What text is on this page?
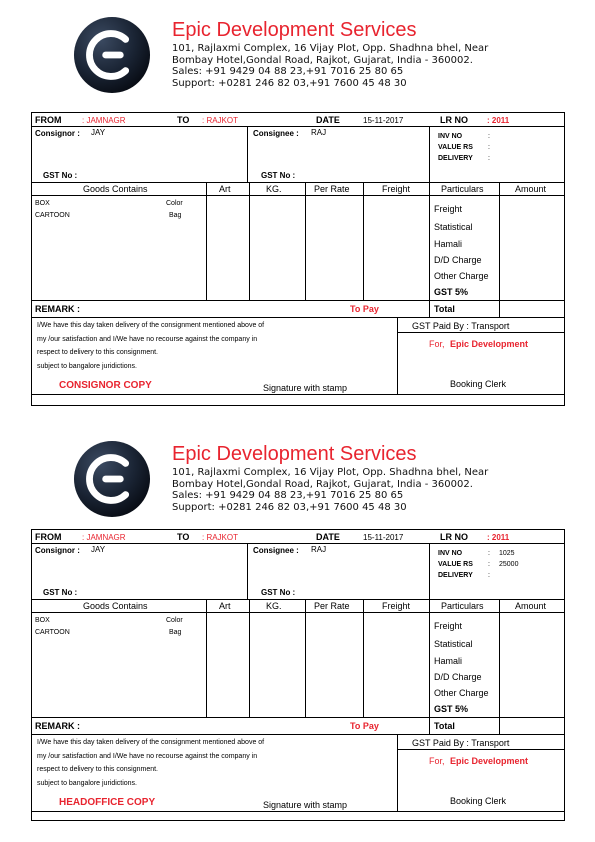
Epic Development Services
101, Rajlaxmi Complex, 16 Vijay Plot, Opp. Shadhna bhel, Near
Bombay Hotel,Gondal Road, Rajkot, Gujarat, India - 360002.
Sales: +91 9429 04 88 23,+91 7016 25 80 65
Support: +0281 246 82 03,+91 7600 45 48 30
FROM	: JAMNAGR	TO : RAJKOT	DATE	15-11-2017	LR NO : 2011
Consignor : JAY
GST No :
Consignee : RAJ
GST No :
INV NO	:
VALUE RS :
DELIVERY :
Goods Contains	Art	KG.	Per Rate	Freight	Particulars	Amount
BOX	Color
CARTOON	Bag
Freight
Statistical
Hamali
D/D Charge
Other Charge
GST 5%
REMARK :	To Pay	Total
I/We have this day taken delivery of the consignment mentioned above of
my /our satisfaction and I/We have no recourse against the company in
respect to delivery to this consignment.
subject to bangalore juridictions.
CONSIGNOR COPY	Signature with stamp
GST Paid By : Transport
For, Epic Development
Booking Clerk
Epic Development Services
101, Rajlaxmi Complex, 16 Vijay Plot, Opp. Shadhna bhel, Near
Bombay Hotel,Gondal Road, Rajkot, Gujarat, India - 360002.
Sales: +91 9429 04 88 23,+91 7016 25 80 65
Support: +0281 246 82 03,+91 7600 45 48 30
FROM	: JAMNAGR	TO : RAJKOT	DATE	15-11-2017	LR NO : 2011
Consignor : JAY
GST No :
Consignee : RAJ
GST No :
INV NO	: 1025
VALUE RS : 25000
DELIVERY :
Goods Contains	Art	KG.	Per Rate	Freight	Particulars	Amount
BOX	Color
CARTOON	Bag
Freight
Statistical
Hamali
D/D Charge
Other Charge
GST 5%
REMARK :	To Pay	Total
I/We have this day taken delivery of the consignment mentioned above of
my /our satisfaction and I/We have no recourse against the company in
respect to delivery to this consignment.
subject to bangalore juridictions.
HEADOFFICE COPY	Signature with stamp
GST Paid By : Transport
For, Epic Development
Booking Clerk
